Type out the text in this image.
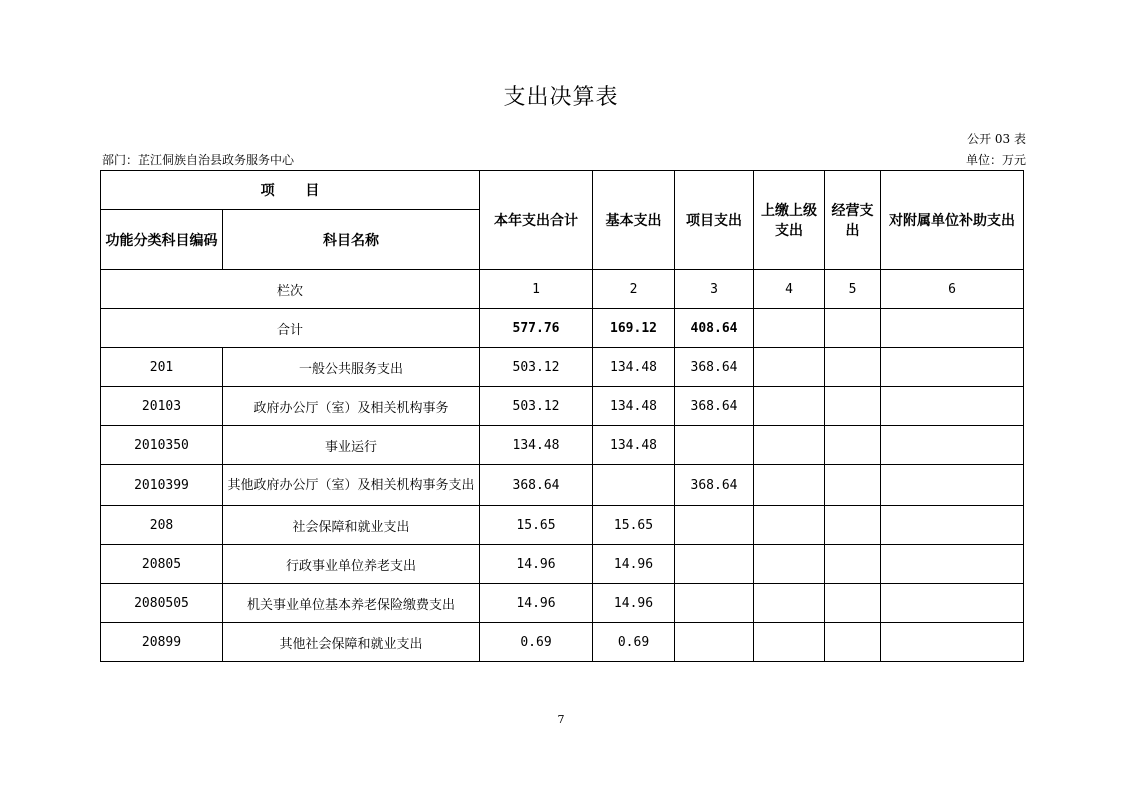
支出决算表
公开 03 表
部门：芷江侗族自治县政务服务中心	单位：万元
项 目		本年支出合计	基本支出	项目支出	上缴上级支出	经营支出	对附属单位补助支出
功能分类科目编码	科目名称						
栏次		1	2	3	4	5	6
合计		577.76	169.12	408.64			
201	一般公共服务支出	503.12	134.48	368.64			
20103	政府办公厅（室）及相关机构事务	503.12	134.48	368.64			
2010350	事业运行	134.48	134.48				
2010399	其他政府办公厅（室）及相关机构事务支出	368.64		368.64			
208	社会保障和就业支出	15.65	15.65				
20805	行政事业单位养老支出	14.96	14.96				
2080505	机关事业单位基本养老保险缴费支出	14.96	14.96				
20899	其他社会保障和就业支出	0.69	0.69				
7
